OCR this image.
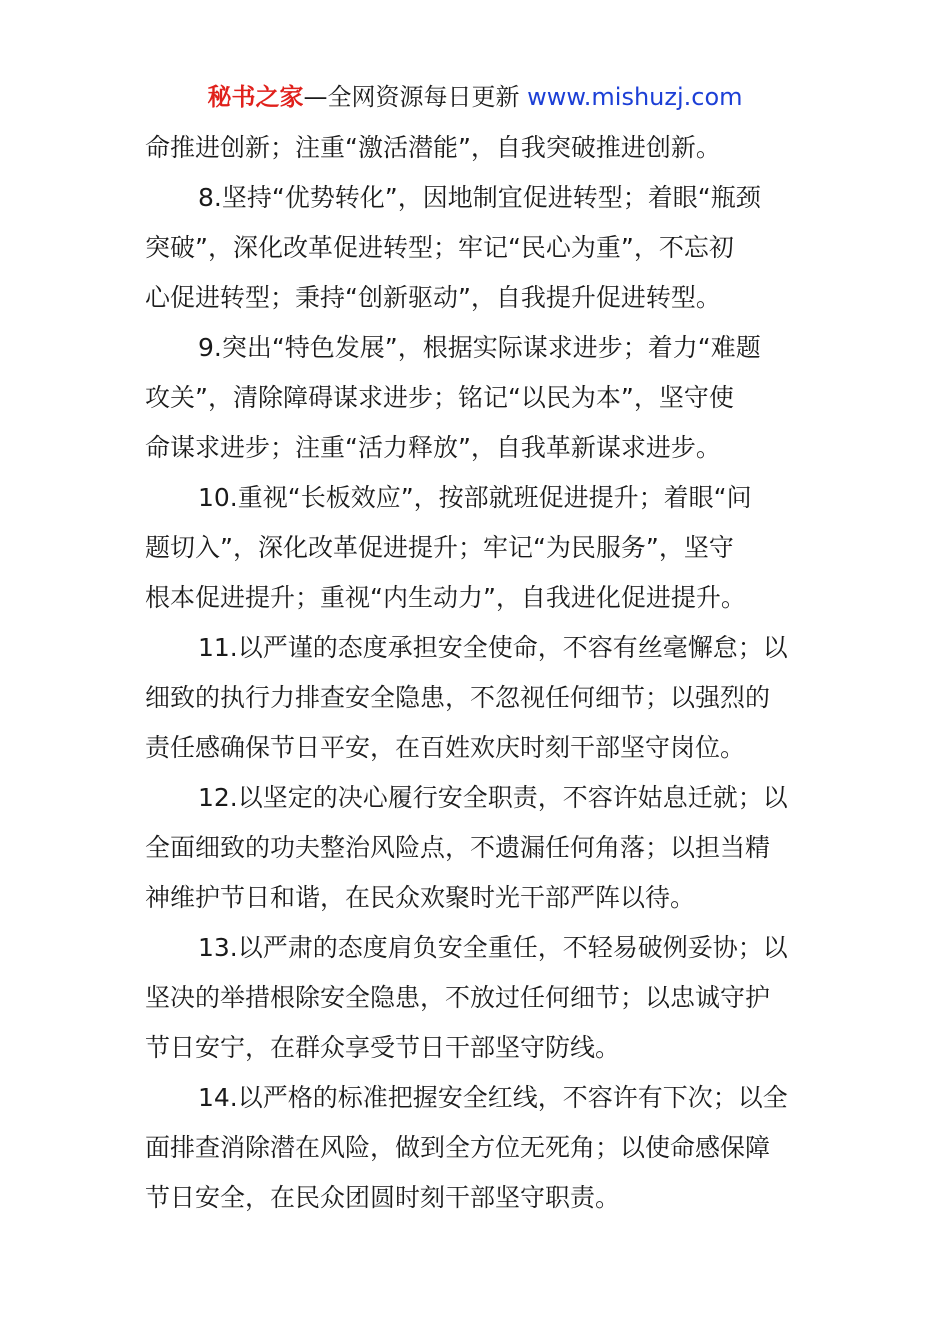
秘书之家—全网资源每日更新 www.mishuzj.com
命推进创新；注重“激活潜能”，自我突破推进创新。
8.坚持“优势转化”，因地制宜促进转型；着眼“瓶颈
突破”，深化改革促进转型；牢记“民心为重”，不忘初
心促进转型；秉持“创新驱动”，自我提升促进转型。
9.突出“特色发展”，根据实际谋求进步；着力“难题
攻关”，清除障碍谋求进步；铭记“以民为本”，坚守使
命谋求进步；注重“活力释放”，自我革新谋求进步。
10.重视“长板效应”，按部就班促进提升；着眼“问
题切入”，深化改革促进提升；牢记“为民服务”，坚守
根本促进提升；重视“内生动力”，自我进化促进提升。
11.以严谨的态度承担安全使命，不容有丝毫懈怠；以
细致的执行力排查安全隐患，不忽视任何细节；以强烈的
责任感确保节日平安，在百姓欢庆时刻干部坚守岗位。
12.以坚定的决心履行安全职责，不容许姑息迁就；以
全面细致的功夫整治风险点，不遗漏任何角落；以担当精
神维护节日和谐，在民众欢聚时光干部严阵以待。
13.以严肃的态度肩负安全重任，不轻易破例妥协；以
坚决的举措根除安全隐患，不放过任何细节；以忠诚守护
节日安宁，在群众享受节日干部坚守防线。
14.以严格的标准把握安全红线，不容许有下次；以全
面排查消除潜在风险，做到全方位无死角；以使命感保障
节日安全，在民众团圆时刻干部坚守职责。
